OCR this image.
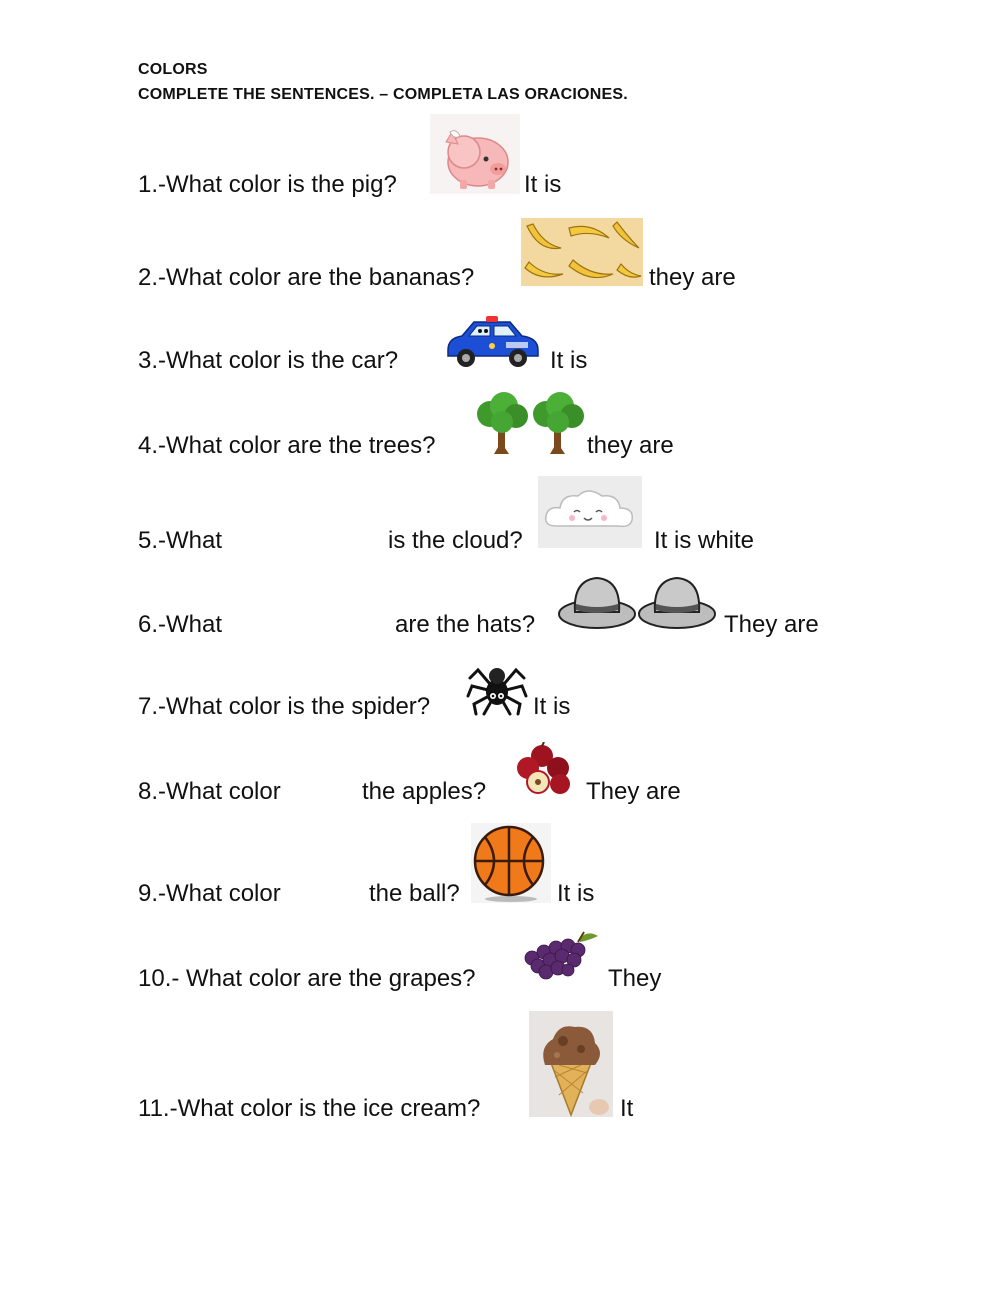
COLORS
COMPLETE THE SENTENCES. – COMPLETA LAS ORACIONES.
1.-What color is the pig?	It is
2.-What color are the bananas?	they are
3.-What color is the car?	It is
4.-What color are the trees?	they are
5.-What	is the cloud?	It is white
6.-What	are the hats?	They are
7.-What color is the spider?	It is
8.-What color	the apples?	They are
9.-What color	the ball?	It is
10.- What color are the grapes?	They
11.-What color is the ice cream?	It
